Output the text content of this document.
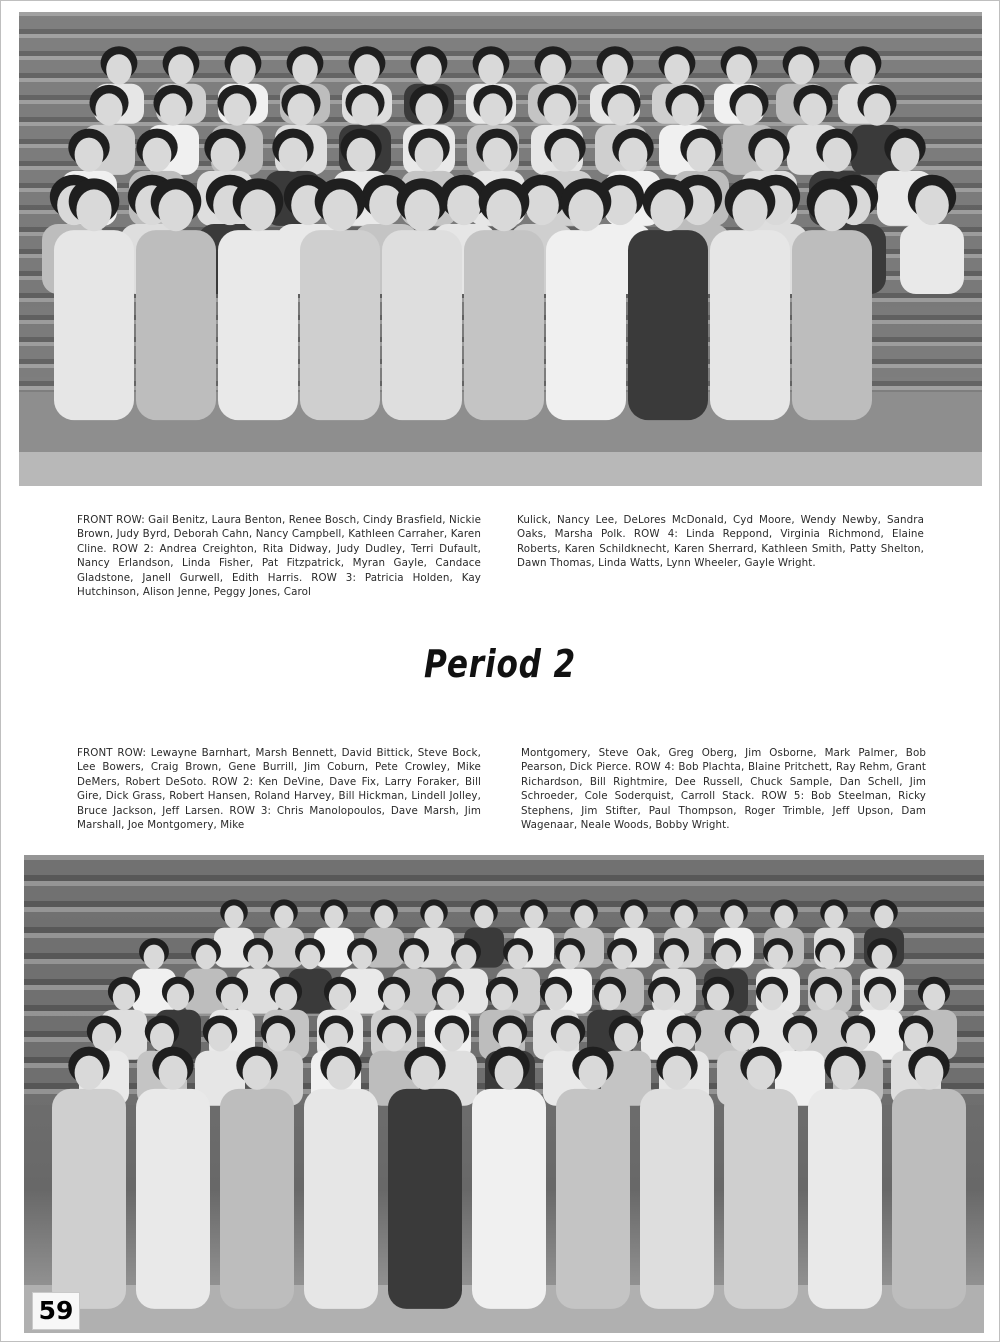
FRONT ROW: Gail Benitz, Laura Benton, Renee Bosch, Cindy Brasfield, Nickie Brown, Judy Byrd, Deborah Cahn, Nancy Campbell, Kathleen Carraher, Karen Cline. ROW 2: Andrea Creighton, Rita Didway, Judy Dudley, Terri Dufault, Nancy Erlandson, Linda Fisher, Pat Fitzpatrick, Myran Gayle, Candace Gladstone, Janell Gurwell, Edith Harris. ROW 3: Patricia Holden, Kay Hutchinson, Alison Jenne, Peggy Jones, Carol
Kulick, Nancy Lee, DeLores McDonald, Cyd Moore, Wendy Newby, Sandra Oaks, Marsha Polk. ROW 4: Linda Reppond, Virginia Richmond, Elaine Roberts, Karen Schildknecht, Karen Sherrard, Kathleen Smith, Patty Shelton, Dawn Thomas, Linda Watts, Lynn Wheeler, Gayle Wright.
Period 2
FRONT ROW: Lewayne Barnhart, Marsh Bennett, David Bittick, Steve Bock, Lee Bowers, Craig Brown, Gene Burrill, Jim Coburn, Pete Crowley, Mike DeMers, Robert DeSoto. ROW 2: Ken DeVine, Dave Fix, Larry Foraker, Bill Gire, Dick Grass, Robert Hansen, Roland Harvey, Bill Hickman, Lindell Jolley, Bruce Jackson, Jeff Larsen. ROW 3: Chris Manolopoulos, Dave Marsh, Jim Marshall, Joe Montgomery, Mike
Montgomery, Steve Oak, Greg Oberg, Jim Osborne, Mark Palmer, Bob Pearson, Dick Pierce. ROW 4: Bob Plachta, Blaine Pritchett, Ray Rehm, Grant Richardson, Bill Rightmire, Dee Russell, Chuck Sample, Dan Schell, Jim Schroeder, Cole Soderquist, Carroll Stack. ROW 5: Bob Steelman, Ricky Stephens, Jim Stifter, Paul Thompson, Roger Trimble, Jeff Upson, Dam Wagenaar, Neale Woods, Bobby Wright.
59
